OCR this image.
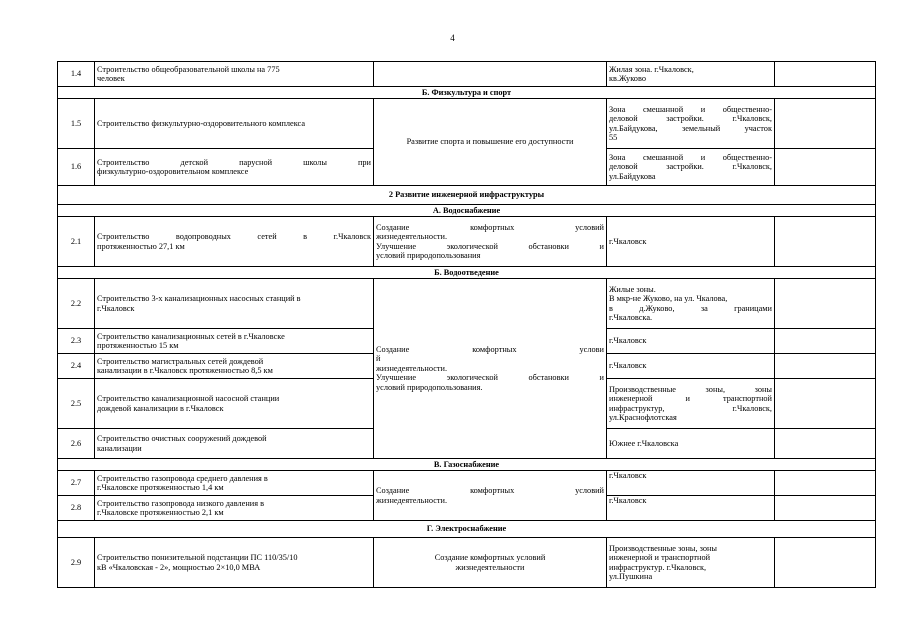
4
1.4	Строительство общеобразовательной школы на 775
человек		Жилая зона. г.Чкаловск,
кв.Жуково	

Б. Физкультура и спорт				
1.5	Строительство физкультурно-оздоровительного комплекса	Развитие спорта и повышение его доступности	Зона смешанной и общественно-
деловой застройки. г.Чкаловск,
ул.Байдукова, земельный участок
55	

1.6	Строительство детской парусной школы при
физкультурно-оздоровительном комплексе		Зона смешанной и общественно-
деловой застройки. г.Чкаловск,
ул.Байдукова	

2 Развитие инженерной инфраструктуры				
А. Водоснабжение				
2.1	Строительство водопроводных сетей в г.Чкаловск
протяженностью 27,1 км	Создание комфортных условий
жизнедеятельности.
Улучшение экологической обстановки и
условий природопользования	г.Чкаловск	

Б. Водоотведение				
2.2	Строительство 3-х канализационных насосных станций в
г.Чкаловск	Создание комфортных услови
й
жизнедеятельности.
Улучшение экологической обстановки и
условий природопользования.	Жилые зоны.
В мкр-не Жуково, на ул. Чкалова,
в д.Жуково, за границами
г.Чкаловска.	

2.3	Строительство канализационных сетей в г.Чкаловске
протяженностью 15 км		г.Чкаловск	

2.4	Строительство магистральных сетей дождевой
канализации в г.Чкаловск протяженностью 8,5 км		г.Чкаловск	

2.5	Строительство канализационной насосной станции
дождевой канализации в г.Чкаловск		Производственные зоны, зоны
инженерной и транспортной
инфраструктур, г.Чкаловск,
ул.Краснофлотская	

2.6	Строительство очистных сооружений дождевой
канализации		Южнее г.Чкаловска	

В. Газоснабжение				
2.7	Строительство газопровода среднего давления в
г.Чкаловске протяженностью 1,4 км	Создание комфортных условий
жизнедеятельности.	г.Чкаловск	

2.8	Строительство газопровода низкого давления в
г.Чкаловске протяженностью 2,1 км		г.Чкаловск	

Г. Электроснабжение				
2.9	Строительство понизительной подстанции ПС 110/35/10
кВ «Чкаловская - 2», мощностью 2×10,0 МВА	Создание комфортных условий
жизнедеятельности	Производственные зоны, зоны
инженерной и транспортной
инфраструктур. г.Чкаловск,
ул.Пушкина	
